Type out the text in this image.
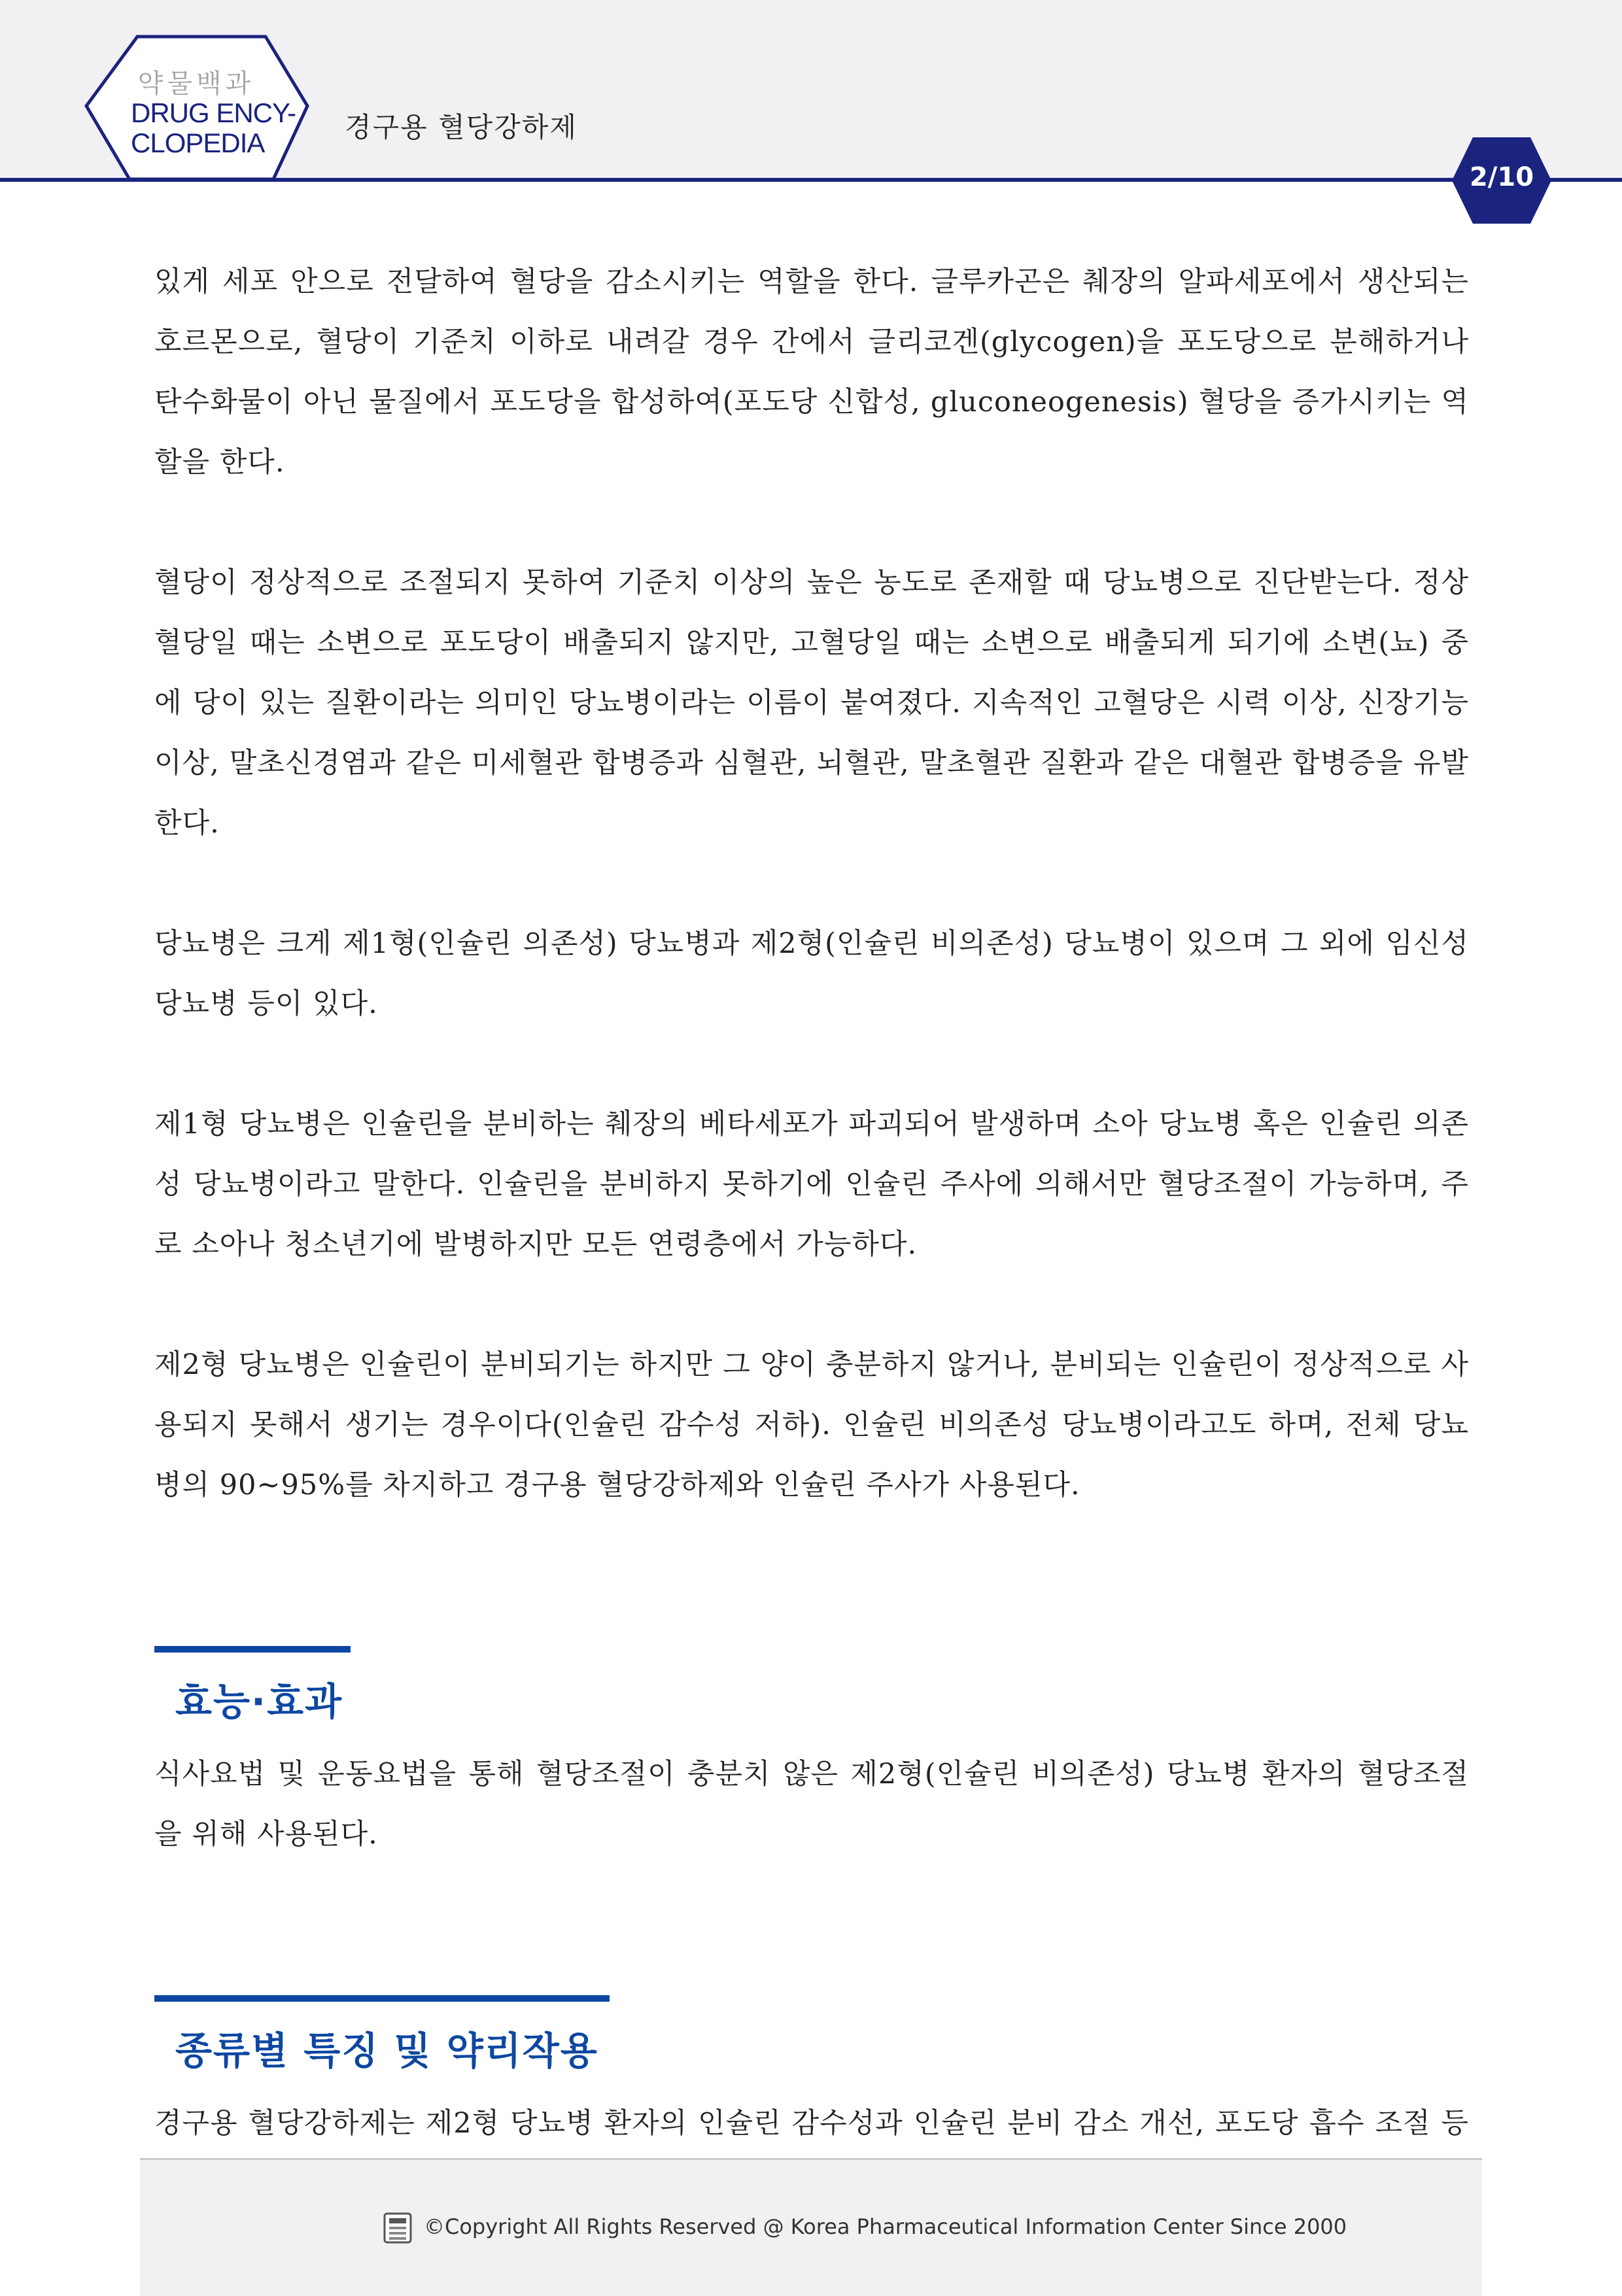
약물백과
DRUG ENCY-
CLOPEDIA	경구용 혈당강하제
2/10

있게 세포 안으로 전달하여 혈당을 감소시키는 역할을 한다. 글루카곤은 췌장의 알파세포에서 생산되는 호르몬으로, 혈당이 기준치 이하로 내려갈 경우 간에서 글리코겐(glycogen)을 포도당으로 분해하거나 탄수화물이 아닌 물질에서 포도당을 합성하여(포도당 신합성, gluconeogenesis) 혈당을 증가시키는 역할을 한다.

혈당이 정상적으로 조절되지 못하여 기준치 이상의 높은 농도로 존재할 때 당뇨병으로 진단받는다. 정상 혈당일 때는 소변으로 포도당이 배출되지 않지만, 고혈당일 때는 소변으로 배출되게 되기에 소변(뇨) 중에 당이 있는 질환이라는 의미인 당뇨병이라는 이름이 붙여졌다. 지속적인 고혈당은 시력 이상, 신장기능 이상, 말초신경염과 같은 미세혈관 합병증과 심혈관, 뇌혈관, 말초혈관 질환과 같은 대혈관 합병증을 유발한다.

당뇨병은 크게 제1형(인슐린 의존성) 당뇨병과 제2형(인슐린 비의존성) 당뇨병이 있으며 그 외에 임신성 당뇨병 등이 있다.

제1형 당뇨병은 인슐린을 분비하는 췌장의 베타세포가 파괴되어 발생하며 소아 당뇨병 혹은 인슐린 의존성 당뇨병이라고 말한다. 인슐린을 분비하지 못하기에 인슐린 주사에 의해서만 혈당조절이 가능하며, 주로 소아나 청소년기에 발병하지만 모든 연령층에서 가능하다.

제2형 당뇨병은 인슐린이 분비되기는 하지만 그 양이 충분하지 않거나, 분비되는 인슐린이 정상적으로 사용되지 못해서 생기는 경우이다(인슐린 감수성 저하). 인슐린 비의존성 당뇨병이라고도 하며, 전체 당뇨병의 90~95%를 차지하고 경구용 혈당강하제와 인슐린 주사가 사용된다.

효능·효과

식사요법 및 운동요법을 통해 혈당조절이 충분치 않은 제2형(인슐린 비의존성) 당뇨병 환자의 혈당조절을 위해 사용된다.

종류별 특징 및 약리작용

경구용 혈당강하제는 제2형 당뇨병 환자의 인슐린 감수성과 인슐린 분비 감소 개선, 포도당 흡수 조절 등

©Copyright All Rights Reserved @ Korea Pharmaceutical Information Center Since 2000
